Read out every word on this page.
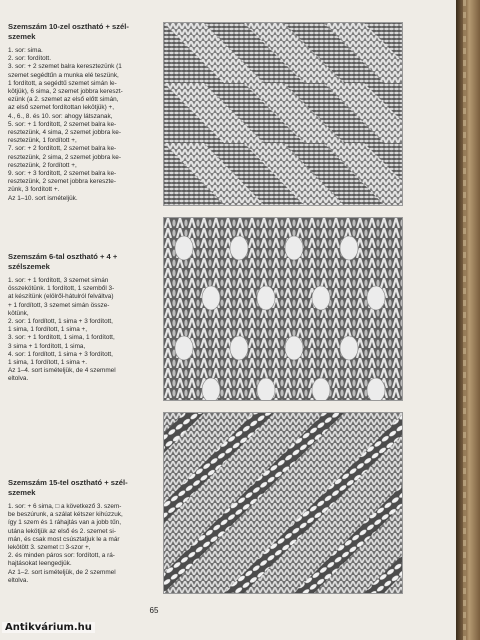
Szemszám 10-zel osztható + szél-
szemek

1. sor: sima.
2. sor: fordított.
3. sor: + 2 szemet balra keresztezünk (1
szemet segédtűn a munka elé teszünk,
1 fordított, a segédtű szemet simán le-
kötjük), 6 sima, 2 szemet jobbra kereszt-
ezünk (a 2. szemet az első előtt simán,
az első szemet fordítottan lekötjük) +,
4., 6., 8. és 10. sor: ahogy látszanak,
5. sor: + 1 fordított, 2 szemet balra ke-
resztezünk, 4 sima, 2 szemet jobbra ke-
resztezünk, 1 fordított +,
7. sor: + 2 fordított, 2 szemet balra ke-
resztezünk, 2 sima, 2 szemet jobbra ke-
resztezünk, 2 fordított +,
9. sor: + 3 fordított, 2 szemet balra ke-
resztezünk, 2 szemet jobbra kereszte-
zünk, 3 fordított +.
Az 1–10. sort ismételjük.

Szemszám 6-tal osztható + 4 +
szélszemek

1. sor: + 1 fordított, 3 szemet simán
összekötünk. 1 fordított, 1 szemből 3-
at készítünk (elölről-hátulról felváltva)
+ 1 fordított, 3 szemet simán össze-
kötünk,
2. sor: 1 fordított, 1 sima + 3 fordított,
1 sima, 1 fordított, 1 sima +,
3. sor: + 1 fordított, 1 sima, 1 fordított,
3 sima + 1 fordított, 1 sima,
4. sor: 1 fordított, 1 sima + 3 fordított,
1 sima, 1 fordított, 1 sima +.
Az 1–4. sort ismételjük, de 4 szemmel
eltolva.

Szemszám 15-tel osztható + szél-
szemek

1. sor: + 6 sima, □ a következő 3. szem-
be beszúrunk, a szálat kétszer kihúzzuk,
így 1 szem és 1 ráhajtás van a jobb tűn,
utána lekötjük az első és 2. szemet si-
mán, és csak most csúsztatjuk le a már
lekötött 3. szemet □ 3-szor +,
2. és minden páros sor: fordított, a rá-
hajtásokat leengedjük.
Az 1–2. sort ismételjük, de 2 szemmel
eltolva.

65
Antikvárium.hu
